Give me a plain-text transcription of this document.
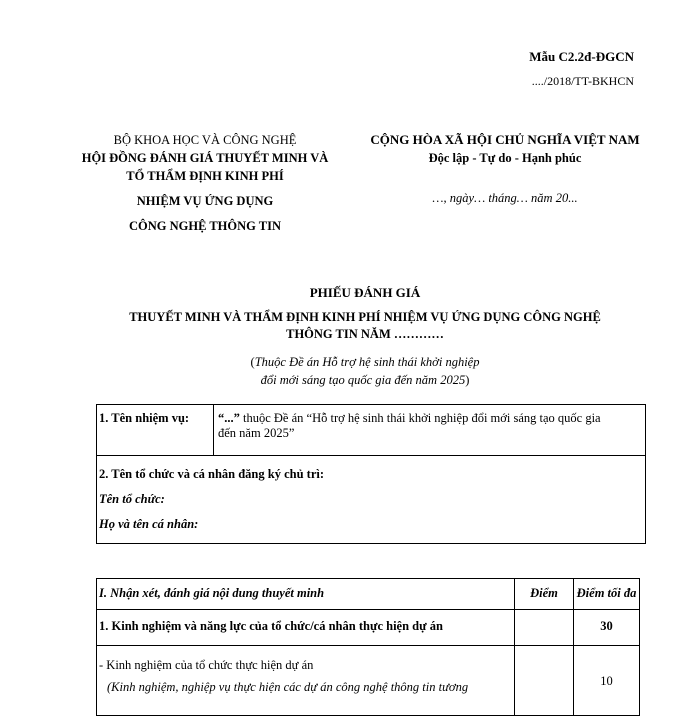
Mẫu C2.2đ-ĐGCN
..../2018/TT-BKHCN
BỘ KHOA HỌC VÀ CÔNG NGHỆ
HỘI ĐỒNG ĐÁNH GIÁ THUYẾT MINH VÀ
TỔ THẨM ĐỊNH KINH PHÍ
NHIỆM VỤ ỨNG DỤNG
CÔNG NGHỆ THÔNG TIN
CỘNG HÒA XÃ HỘI CHỦ NGHĨA VIỆT NAM
Độc lập - Tự do - Hạnh phúc
…, ngày… tháng… năm 20...
PHIẾU ĐÁNH GIÁ
THUYẾT MINH VÀ THẨM ĐỊNH KINH PHÍ NHIỆM VỤ ỨNG DỤNG CÔNG NGHỆ
THÔNG TIN NĂM …………
(Thuộc Đề án Hỗ trợ hệ sinh thái khởi nghiệp
đổi mới sáng tạo quốc gia đến năm 2025)
1. Tên nhiệm vụ:	“...” thuộc Đề án “Hỗ trợ hệ sinh thái khởi nghiệp đổi mới sáng tạo quốc gia
đến năm 2025”

2. Tên tổ chức và cá nhân đăng ký chủ trì:
Tên tổ chức:
Họ và tên cá nhân:
I. Nhận xét, đánh giá nội dung thuyết minh	Điểm	Điểm tối đa
1. Kinh nghiệm và năng lực của tổ chức/cá nhân thực hiện dự án		30

- Kinh nghiệm của tổ chức thực hiện dự án
(Kinh nghiệm, nghiệp vụ thực hiện các dự án công nghệ thông tin tương		10
